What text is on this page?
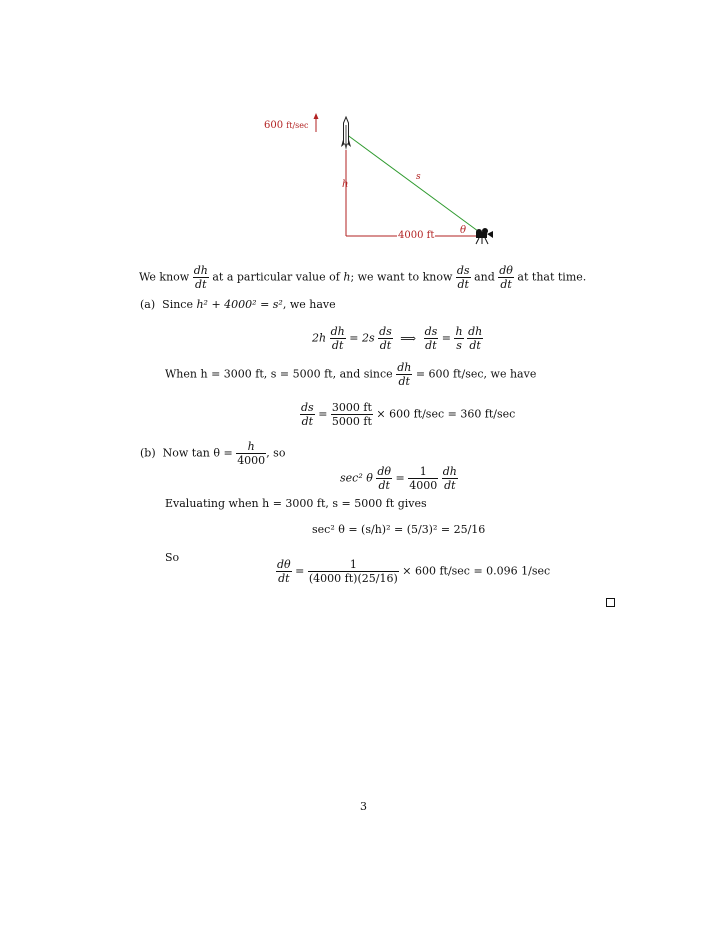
600 ft/sec
h
s
4000 ft	θ
We know $\frac{dh}{dt}$ at a particular value of h; we want to know $\frac{ds}{dt}$ and $\frac{d\theta}{dt}$ at that time.
(a) Since h² + 4000² = s², we have
$2h \frac{dh}{dt} = 2s \frac{ds}{dt}$ ⟹ $\frac{ds}{dt} = \frac{h}{s}$
$\frac{dh}{dt}$
When h = 3000 ft, s = 5000 ft, and since $\frac{dh}{dt} = 600$ ft/sec, we have
$\frac{ds}{dt} = \frac{3000 ft}{5000 ft} \times 600$ ft/sec = 360 ft/sec
(b) Now $\tan \theta = \frac{h}{4000}$ , so
sec² θ $\frac{d\theta}{dt} = \frac{1}{4000}$
$\frac{dh}{dt}$
Evaluating when h = 3000 ft, s = 5000 ft gives
sec² θ = (s/h)² = (5/3)² = 25/16
So
$\frac{d\theta}{dt} = \frac{1}{(4000 ft)(25/16)} \times 600$ ft/sec = 0.096 1/sec
3
